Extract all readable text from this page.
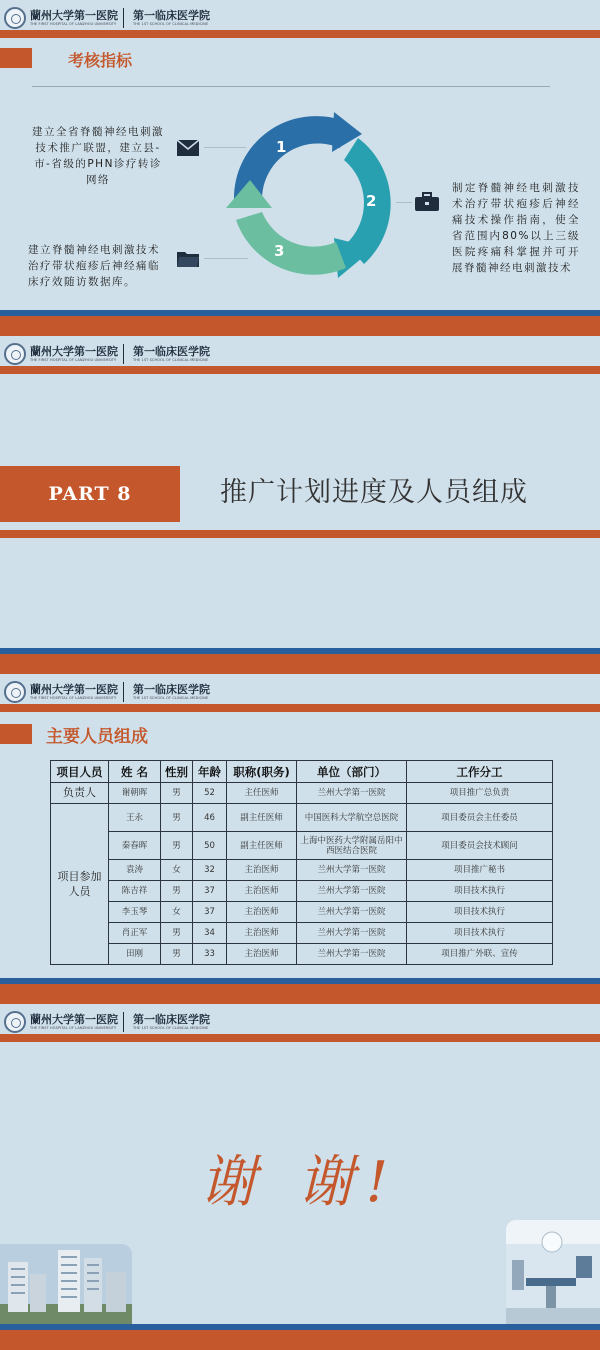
蘭州大学第一医院
THE FIRST HOSPITAL OF LANZHOU UNIVERSITY
第一临床医学院
THE 1ST SCHOOL OF CLINICAL MEDICINE
考核指标
建立全省脊髓神经电刺激技术推广联盟，建立县-市-省级的PHN诊疗转诊网络
建立脊髓神经电刺激技术治疗带状疱疹后神经痛临床疗效随访数据库。
制定脊髓神经电刺激技术治疗带状疱疹后神经痛技术操作指南，使全省范围内80%以上三级医院疼痛科掌握并可开展脊髓神经电刺激技术
1
2
3
蘭州大学第一医院
THE FIRST HOSPITAL OF LANZHOU UNIVERSITY
第一临床医学院
THE 1ST SCHOOL OF CLINICAL MEDICINE
PART 8	推广计划进度及人员组成
蘭州大学第一医院
THE FIRST HOSPITAL OF LANZHOU UNIVERSITY
第一临床医学院
THE 1ST SCHOOL OF CLINICAL MEDICINE
主要人员组成
项目人员	姓 名	性别	年龄	职称(职务)	单位（部门）	工作分工
负责人	谢朝晖	男	52	主任医师	兰州大学第一医院	项目推广总负责
项目参加人员	王永	男	46	副主任医师	中国医科大学航空总医院	项目委员会主任委员
	秦春晖	男	50	副主任医师	上海中医药大学附属岳阳中西医结合医院	项目委员会技术顾问
	袁涛	女	32	主治医师	兰州大学第一医院	项目推广秘书
	陈吉祥	男	37	主治医师	兰州大学第一医院	项目技术执行
	李玉琴	女	37	主治医师	兰州大学第一医院	项目技术执行
	肖正军	男	34	主治医师	兰州大学第一医院	项目技术执行
	田刚	男	33	主治医师	兰州大学第一医院	项目推广外联、宣传
蘭州大学第一医院
THE FIRST HOSPITAL OF LANZHOU UNIVERSITY
第一临床医学院
THE 1ST SCHOOL OF CLINICAL MEDICINE
谢 谢!
